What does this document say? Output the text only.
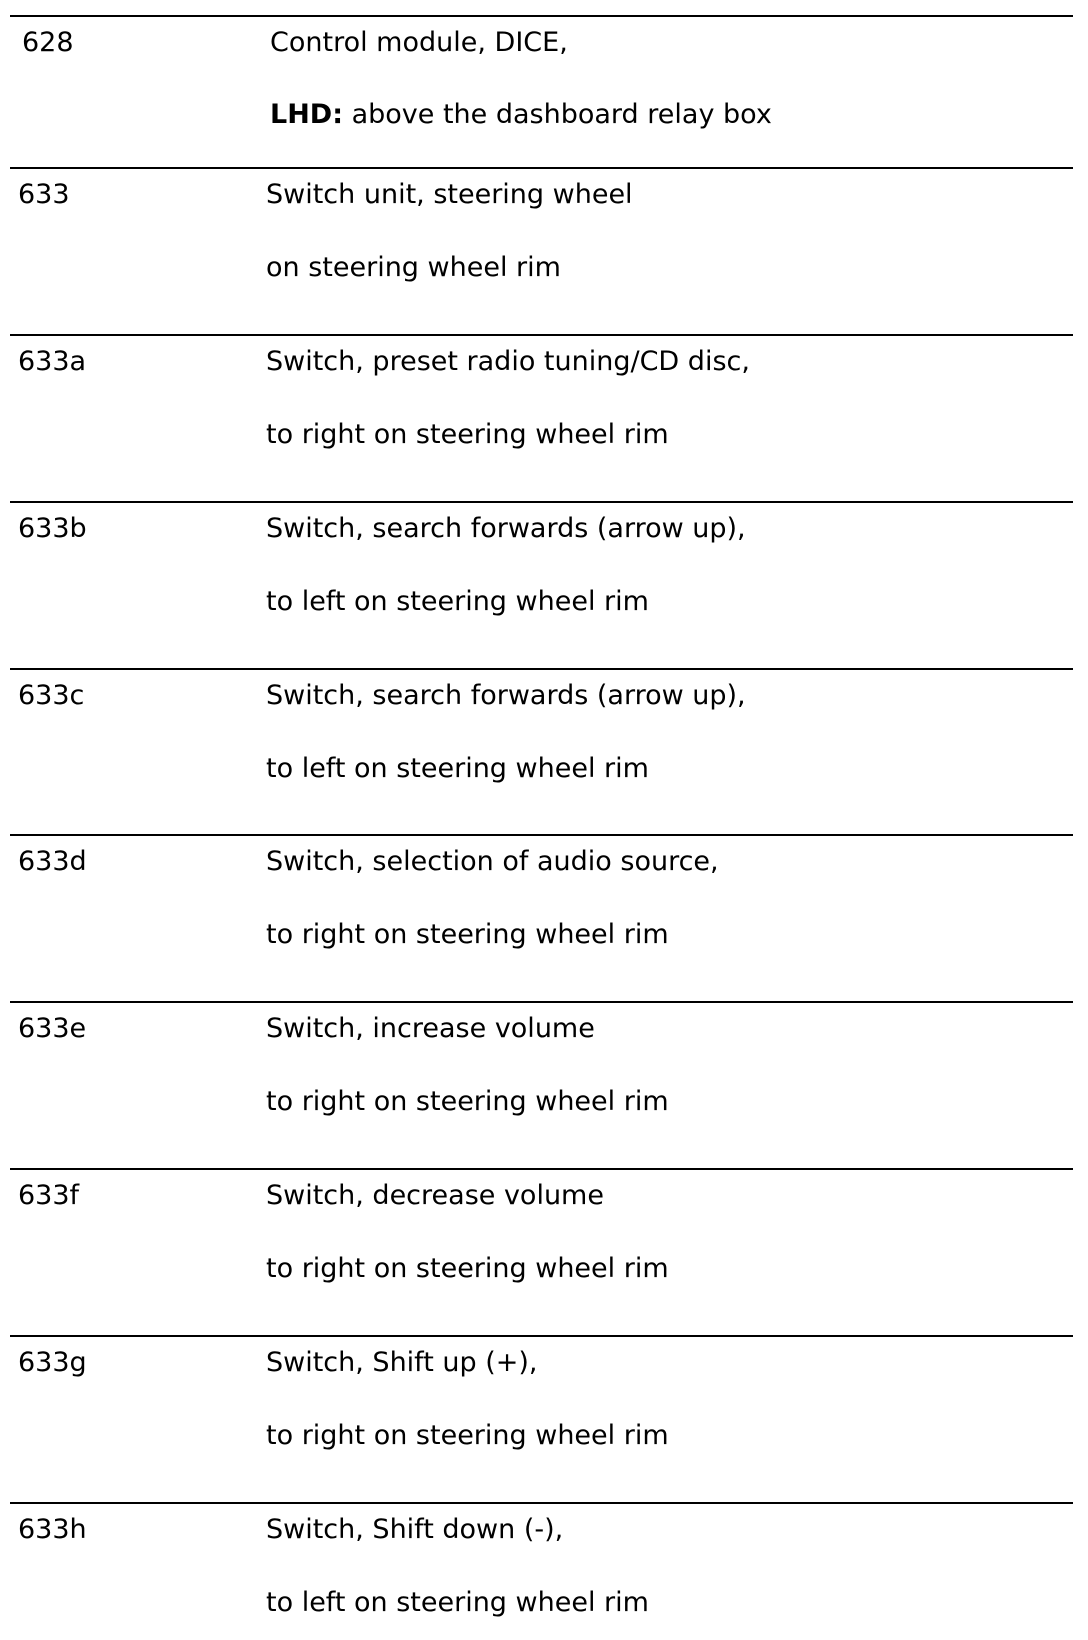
628	Control module, DICE,
LHD: above the dashboard relay box
633	Switch unit, steering wheel
on steering wheel rim
633a	Switch, preset radio tuning/CD disc,
to right on steering wheel rim
633b	Switch, search forwards (arrow up),
to left on steering wheel rim
633c	Switch, search forwards (arrow up),
to left on steering wheel rim
633d	Switch, selection of audio source,
to right on steering wheel rim
633e	Switch, increase volume
to right on steering wheel rim
633f	Switch, decrease volume
to right on steering wheel rim
633g	Switch, Shift up (+),
to right on steering wheel rim
633h	Switch, Shift down (-),
to left on steering wheel rim
